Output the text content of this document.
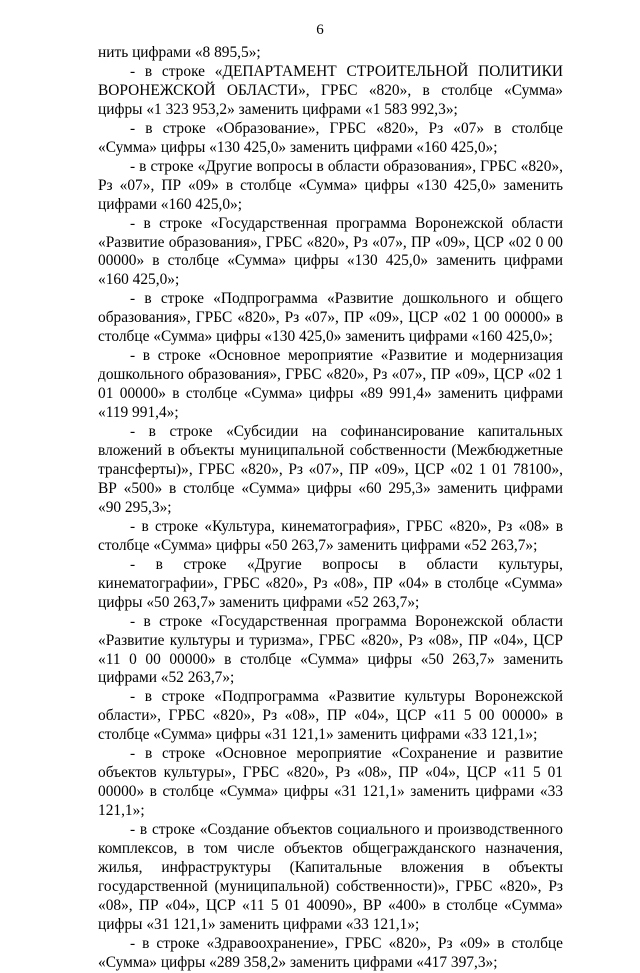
6

нить цифрами «8 895,5»;

- в строке «ДЕПАРТАМЕНТ СТРОИТЕЛЬНОЙ ПОЛИТИКИ ВОРОНЕЖСКОЙ ОБЛАСТИ», ГРБС «820», в столбце «Сумма» цифры «1 323 953,2» заменить цифрами «1 583 992,3»;

- в строке «Образование», ГРБС «820», Рз «07» в столбце «Сумма» цифры «130 425,0» заменить цифрами «160 425,0»;

- в строке «Другие вопросы в области образования», ГРБС «820», Рз «07», ПР «09» в столбце «Сумма» цифры «130 425,0» заменить цифрами «160 425,0»;

- в строке «Государственная программа Воронежской области «Развитие образования», ГРБС «820», Рз «07», ПР «09», ЦСР «02 0 00 00000» в столбце «Сумма» цифры «130 425,0» заменить цифрами «160 425,0»;

- в строке «Подпрограмма «Развитие дошкольного и общего образования», ГРБС «820», Рз «07», ПР «09», ЦСР «02 1 00 00000» в столбце «Сумма» цифры «130 425,0» заменить цифрами «160 425,0»;

- в строке «Основное мероприятие «Развитие и модернизация дошкольного образования», ГРБС «820», Рз «07», ПР «09», ЦСР «02 1 01 00000» в столбце «Сумма» цифры «89 991,4» заменить цифрами «119 991,4»;

- в строке «Субсидии на софинансирование капитальных вложений в объекты муниципальной собственности (Межбюджетные трансферты)», ГРБС «820», Рз «07», ПР «09», ЦСР «02 1 01 78100», ВР «500» в столбце «Сумма» цифры «60 295,3» заменить цифрами «90 295,3»;

- в строке «Культура, кинематография», ГРБС «820», Рз «08» в столбце «Сумма» цифры «50 263,7» заменить цифрами «52 263,7»;

- в строке «Другие вопросы в области культуры, кинематографии», ГРБС «820», Рз «08», ПР «04» в столбце «Сумма» цифры «50 263,7» заменить цифрами «52 263,7»;

- в строке «Государственная программа Воронежской области «Развитие культуры и туризма», ГРБС «820», Рз «08», ПР «04», ЦСР «11 0 00 00000» в столбце «Сумма» цифры «50 263,7» заменить цифрами «52 263,7»;

- в строке «Подпрограмма «Развитие культуры Воронежской области», ГРБС «820», Рз «08», ПР «04», ЦСР «11 5 00 00000» в столбце «Сумма» цифры «31 121,1» заменить цифрами «33 121,1»;

- в строке «Основное мероприятие «Сохранение и развитие объектов культуры», ГРБС «820», Рз «08», ПР «04», ЦСР «11 5 01 00000» в столбце «Сумма» цифры «31 121,1» заменить цифрами «33 121,1»;

- в строке «Создание объектов социального и производственного комплексов, в том числе объектов общегражданского назначения, жилья, инфраструктуры (Капитальные вложения в объекты государственной (муниципальной) собственности)», ГРБС «820», Рз «08», ПР «04», ЦСР «11 5 01 40090», ВР «400» в столбце «Сумма» цифры «31 121,1» заменить цифрами «33 121,1»;

- в строке «Здравоохранение», ГРБС «820», Рз «09» в столбце «Сумма» цифры «289 358,2» заменить цифрами «417 397,3»;
